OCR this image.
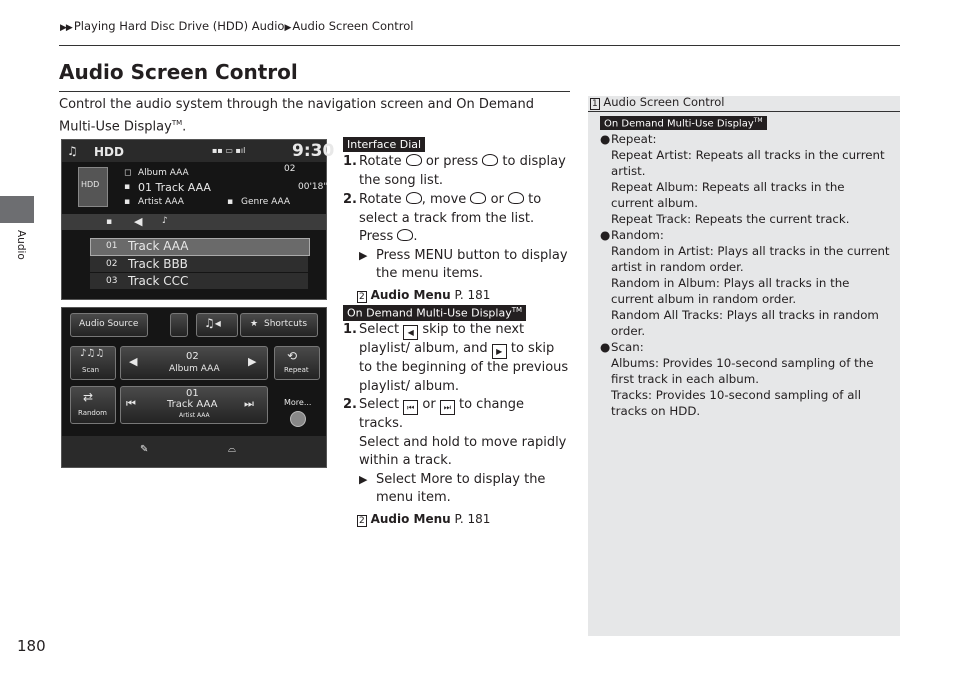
▶▶ Playing Hard Disc Drive (HDD) Audio▶ Audio Screen Control
Audio Screen Control
Control the audio system through the navigation screen and On Demand Multi-Use Display™.
Audio
180
♫ HDD	▪▪ ▭ ▪ıl	9:30
HDD
◻ Album AAA
▪ 01 Track AAA
▪ Artist AAA	▪ Genre AAA
02
00'18"
▪ ◀ ♪
01 Track AAA
02 Track BBB
03 Track CCC
Audio Source	♫◂	★ Shortcuts
♪♫♫
Scan
◀	▶
02
Album AAA
⟲
Repeat
⇄
Random
⏮	⏭
01
Track AAA
Artist AAA
More...
✎	⌓
Interface Dial
1. Rotate or press to display the song list.
2. Rotate , move or to select a track from the list. Press .
▶ Press MENU button to display the menu items.
2 Audio Menu P. 181
On Demand Multi-Use Display™
1. Select ◀ skip to the next playlist/ album, and ▶ to skip to the beginning of the previous playlist/ album.
2. Select ⏮ or ⏭ to change tracks.
Select and hold to move rapidly within a track.
▶ Select More to display the menu item.
2 Audio Menu P. 181
1 Audio Screen Control
On Demand Multi-Use Display™
● Repeat:
Repeat Artist: Repeats all tracks in the current artist.
Repeat Album: Repeats all tracks in the current album.
Repeat Track: Repeats the current track.
● Random:
Random in Artist: Plays all tracks in the current artist in random order.
Random in Album: Plays all tracks in the current album in random order.
Random All Tracks: Plays all tracks in random order.
● Scan:
Albums: Provides 10-second sampling of the first track in each album.
Tracks: Provides 10-second sampling of all tracks on HDD.
